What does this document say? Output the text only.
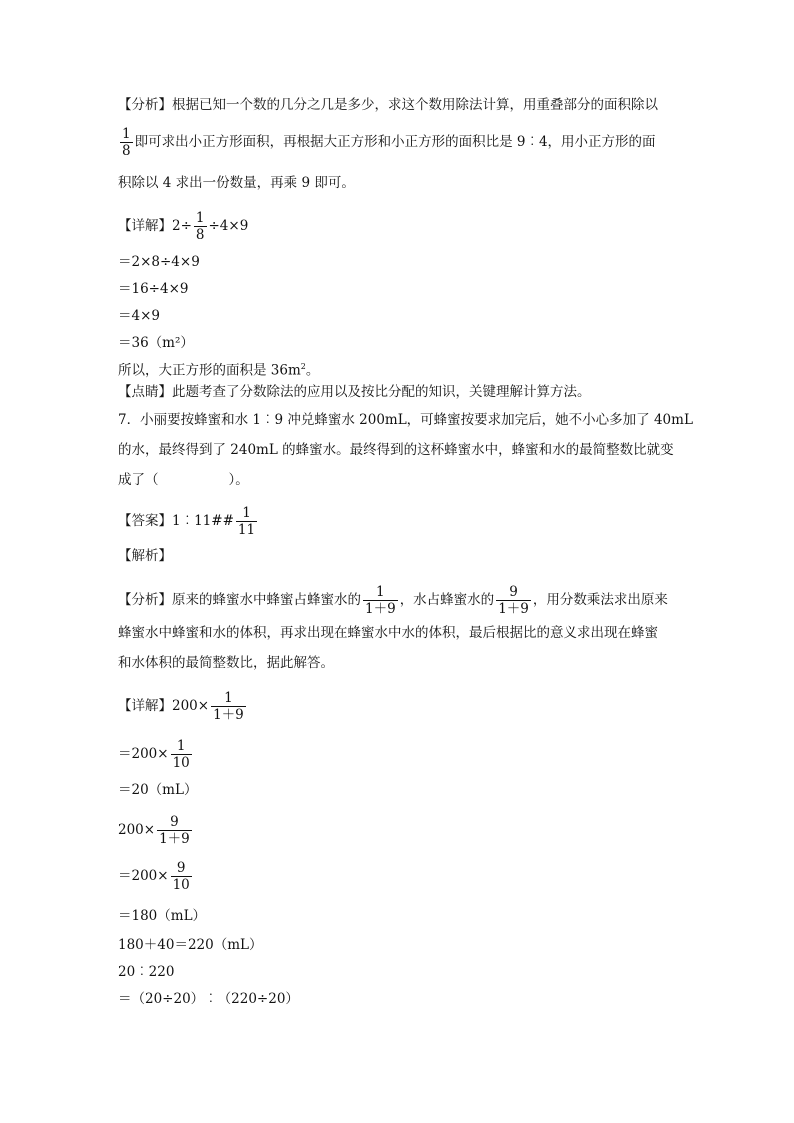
【分析】根据已知一个数的几分之几是多少，求这个数用除法计算，用重叠部分的面积除以
$\frac{1}{8}$ 即可求出小正方形面积，再根据大正方形和小正方形的面积比是 9︰4，用小正方形的面
积除以 4 求出一份数量，再乘 9 即可。
【详解】$2\div \frac{1}{8} \div 4\times 9$
＝2×8÷4×9
＝16÷4×9
＝4×9
＝36（m²）
所以，大正方形的面积是 $36m^2$。
【点睛】此题考查了分数除法的应用以及按比分配的知识，关键理解计算方法。
7．小丽要按蜂蜜和水 1︰9 冲兑蜂蜜水 200mL，可蜂蜜按要求加完后，她不小心多加了 40mL
的水，最终得到了 240mL 的蜂蜜水。最终得到的这杯蜂蜜水中，蜂蜜和水的最简整数比就变
成了（	）。
【答案】1︰11## $\frac{1}{11}$
【解析】
【分析】原来的蜂蜜水中蜂蜜占蜂蜜水的 $\frac{1}{1+9}$ ，水占蜂蜜水的 $\frac{9}{1+9}$ ，用分数乘法求出原来
蜂蜜水中蜂蜜和水的体积，再求出现在蜂蜜水中水的体积，最后根据比的意义求出现在蜂蜜
和水体积的最简整数比，据此解答。
【详解】$200\times \frac{1}{1+9}$
$=200\times \frac{1}{10}$
＝20（mL）
$200\times \frac{9}{1+9}$
$=200\times \frac{9}{10}$
＝180（mL）
180＋40＝220（mL）
20︰220
＝（20÷20）︰（220÷20）
